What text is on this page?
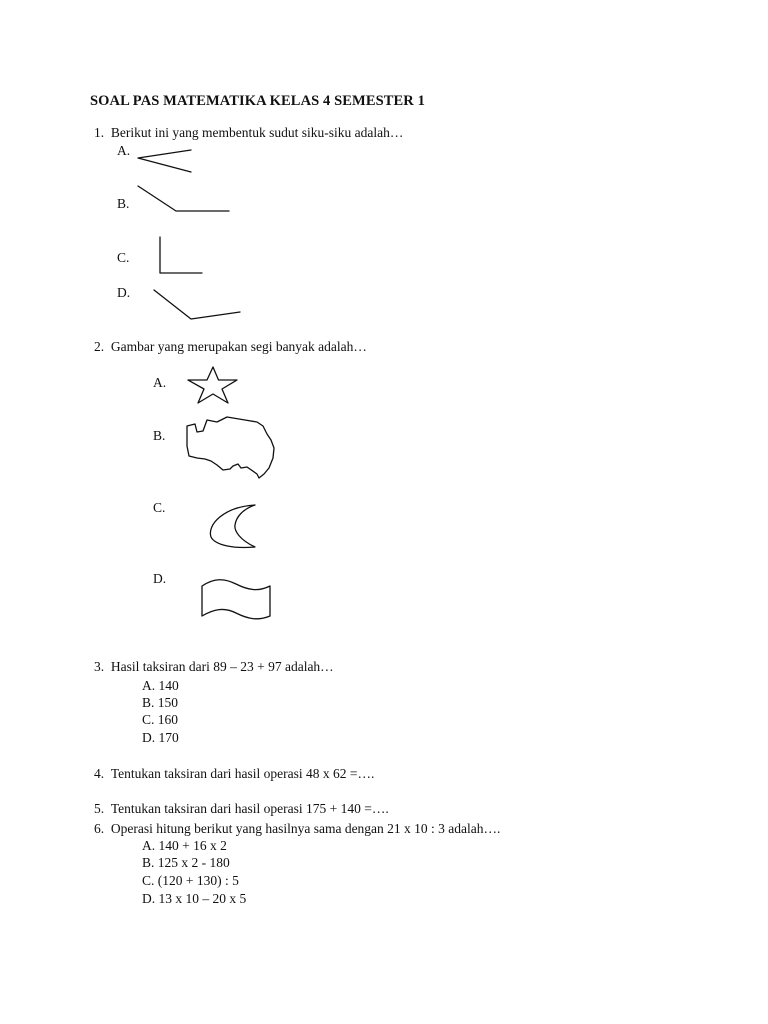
SOAL PAS MATEMATIKA KELAS 4 SEMESTER 1
1.  Berikut ini yang membentuk sudut siku-siku adalah…
A.
B.
C.
D.
2.  Gambar yang merupakan segi banyak adalah…
A.
B.
C.
D.
3.  Hasil taksiran dari 89 – 23 + 97 adalah…
A. 140
B. 150
C. 160
D. 170
4.  Tentukan taksiran dari hasil operasi 48 x 62 =….
5.  Tentukan taksiran dari hasil operasi 175 + 140 =….
6.  Operasi hitung berikut yang hasilnya sama dengan 21 x 10 : 3 adalah….
A. 140 + 16 x 2
B. 125 x 2 - 180
C. (120 + 130) : 5
D. 13 x 10 – 20 x 5
